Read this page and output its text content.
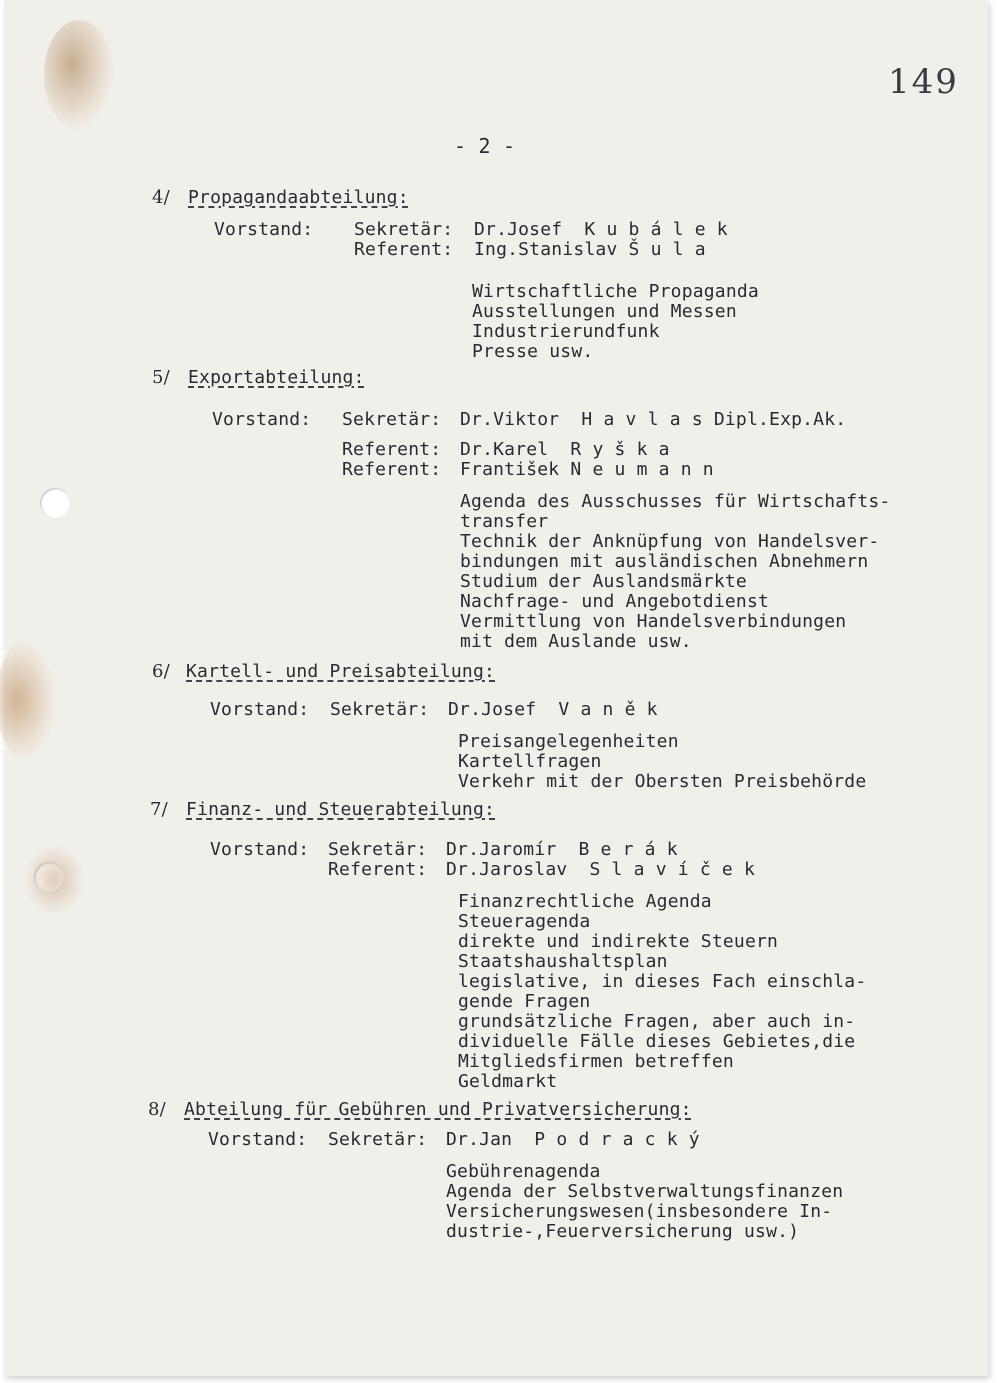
149
- 2 -
4/ Propagandaabteilung:
Vorstand: Sekretär: Dr.Josef  K u b á l e k
Referent: Ing.Stanislav Š u l a
Wirtschaftliche Propaganda
Ausstellungen und Messen
Industrierundfunk
Presse usw.
5/ Exportabteilung:
Vorstand: Sekretär: Dr.Viktor  H a v l a s Dipl.Exp.Ak.
Referent: Dr.Karel  R y š k a
Referent: František N e u m a n n
Agenda des Ausschusses für Wirtschafts-
transfer
Technik der Anknüpfung von Handelsver-
bindungen mit ausländischen Abnehmern
Studium der Auslandsmärkte
Nachfrage- und Angebotdienst
Vermittlung von Handelsverbindungen
mit dem Auslande usw.
6/ Kartell- und Preisabteilung:
Vorstand: Sekretär: Dr.Josef  V a n ě k
Preisangelegenheiten
Kartellfragen
Verkehr mit der Obersten Preisbehörde
7/ Finanz- und Steuerabteilung:
Vorstand: Sekretär: Dr.Jaromír  B e r á k
Referent: Dr.Jaroslav  S l a v í č e k
Finanzrechtliche Agenda
Steueragenda
direkte und indirekte Steuern
Staatshaushaltsplan
legislative, in dieses Fach einschla-
gende Fragen
grundsätzliche Fragen, aber auch in-
dividuelle Fälle dieses Gebietes,die
Mitgliedsfirmen betreffen
Geldmarkt
8/ Abteilung für Gebühren und Privatversicherung:
Vorstand: Sekretär: Dr.Jan  P o d r a c k ý
Gebührenagenda
Agenda der Selbstverwaltungsfinanzen
Versicherungswesen(insbesondere In-
dustrie-,Feuerversicherung usw.)
